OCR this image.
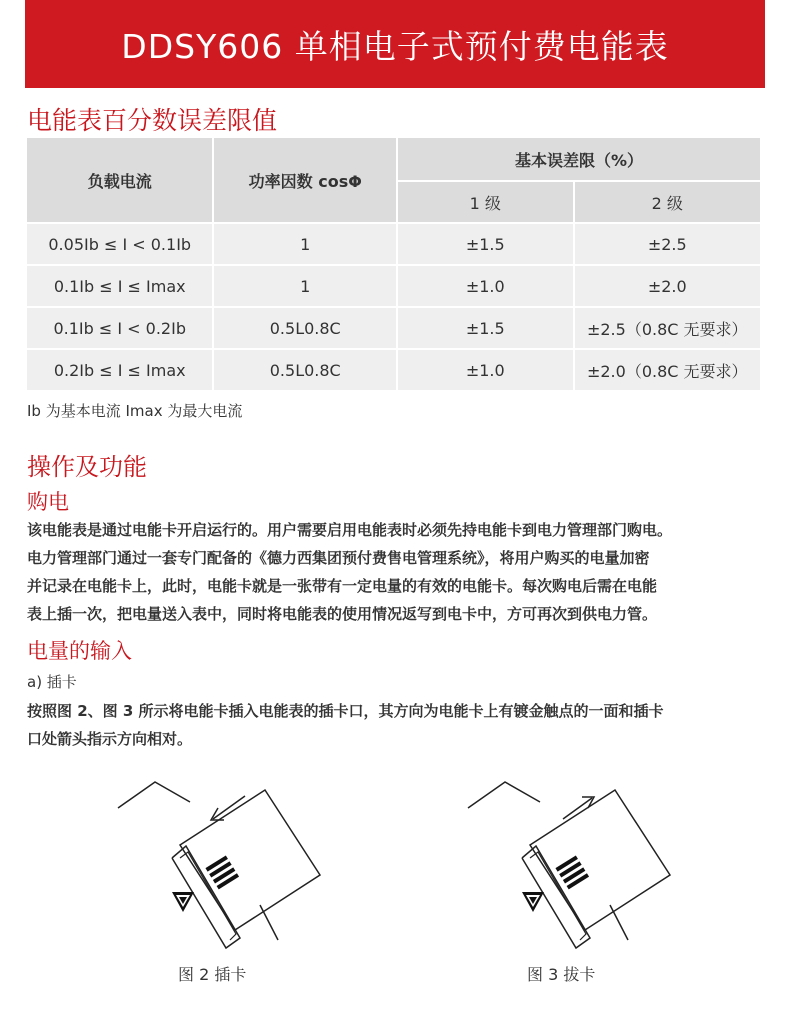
DDSY606 单相电子式预付费电能表
电能表百分数误差限值
负载电流	功率因数 cosΦ	基本误差限（%）	
		1 级	2 级
0.05Ib ≤ I < 0.1Ib	1	±1.5	±2.5
0.1Ib ≤ I ≤ Imax	1	±1.0	±2.0
0.1Ib ≤ I < 0.2Ib	0.5L0.8C	±1.5	±2.5（0.8C 无要求）
0.2Ib ≤ I ≤ Imax	0.5L0.8C	±1.0	±2.0（0.8C 无要求）
Ib 为基本电流 Imax 为最大电流
操作及功能
购电

该电能表是通过电能卡开启运行的。用户需要启用电能表时必须先持电能卡到电力管理部门购电。

电力管理部门通过一套专门配备的《德力西集团预付费售电管理系统》，将用户购买的电量加密

并记录在电能卡上，此时，电能卡就是一张带有一定电量的有效的电能卡。每次购电后需在电能

表上插一次，把电量送入表中，同时将电能表的使用情况返写到电卡中，方可再次到供电力管。

电量的输入
a) 插卡

按照图 2、图 3 所示将电能卡插入电能表的插卡口，其方向为电能卡上有镀金触点的一面和插卡

口处箭头指示方向相对。

图 2 插卡	图 3 拔卡
